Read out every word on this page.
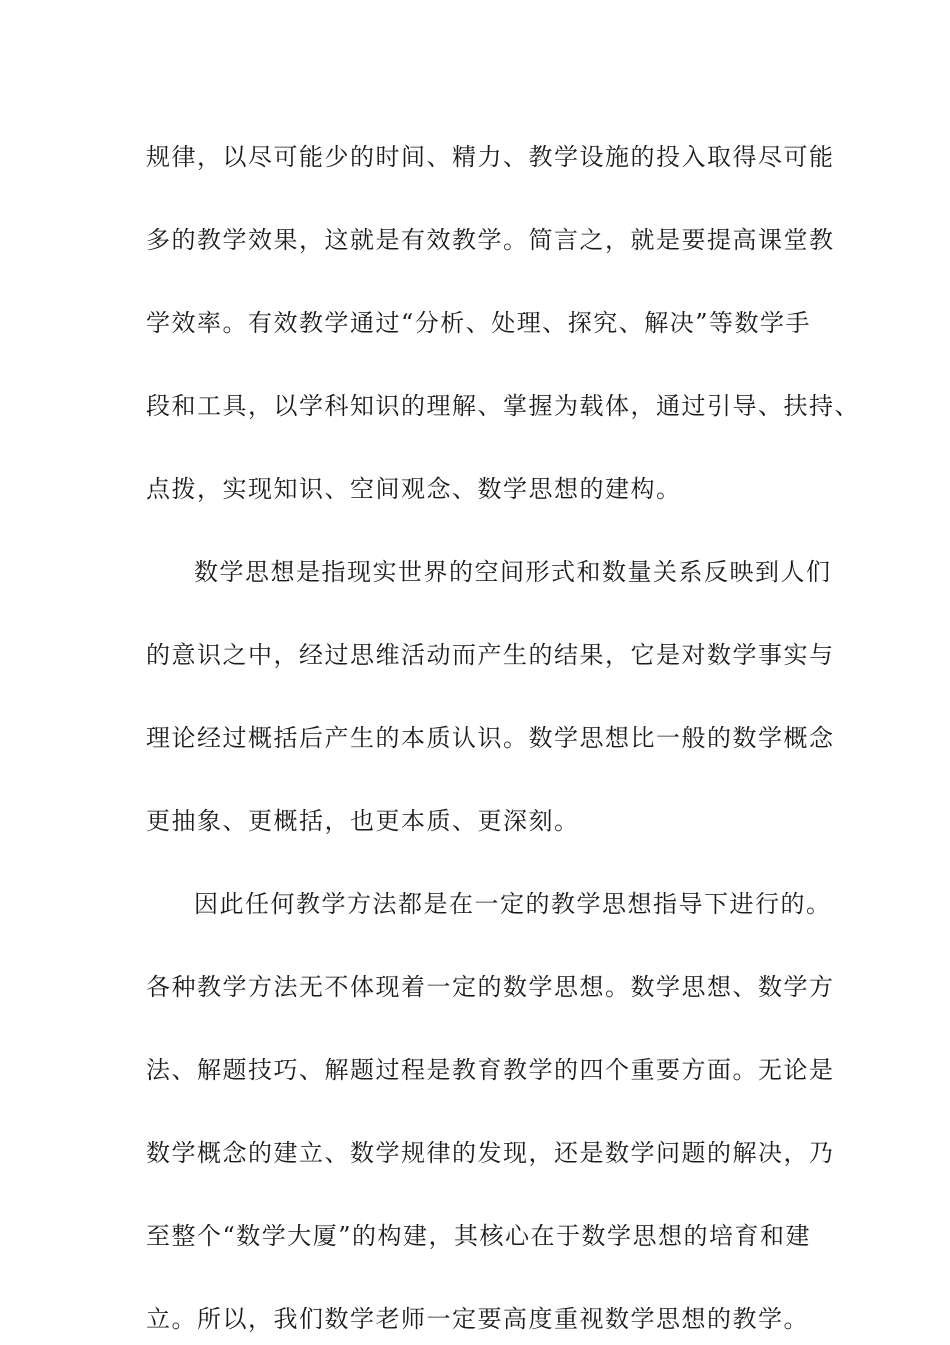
规律，以尽可能少的时间、精力、教学设施的投入取得尽可能
多的教学效果，这就是有效教学。简言之，就是要提高课堂教
学效率。有效教学通过“分析、处理、探究、解决”等数学手
段和工具，以学科知识的理解、掌握为载体，通过引导、扶持、
点拨，实现知识、空间观念、数学思想的建构。
数学思想是指现实世界的空间形式和数量关系反映到人们
的意识之中，经过思维活动而产生的结果，它是对数学事实与
理论经过概括后产生的本质认识。数学思想比一般的数学概念
更抽象、更概括，也更本质、更深刻。
因此任何教学方法都是在一定的教学思想指导下进行的。
各种教学方法无不体现着一定的数学思想。数学思想、数学方
法、解题技巧、解题过程是教育教学的四个重要方面。无论是
数学概念的建立、数学规律的发现，还是数学问题的解决，乃
至整个“数学大厦”的构建，其核心在于数学思想的培育和建
立。所以，我们数学老师一定要高度重视数学思想的教学。
